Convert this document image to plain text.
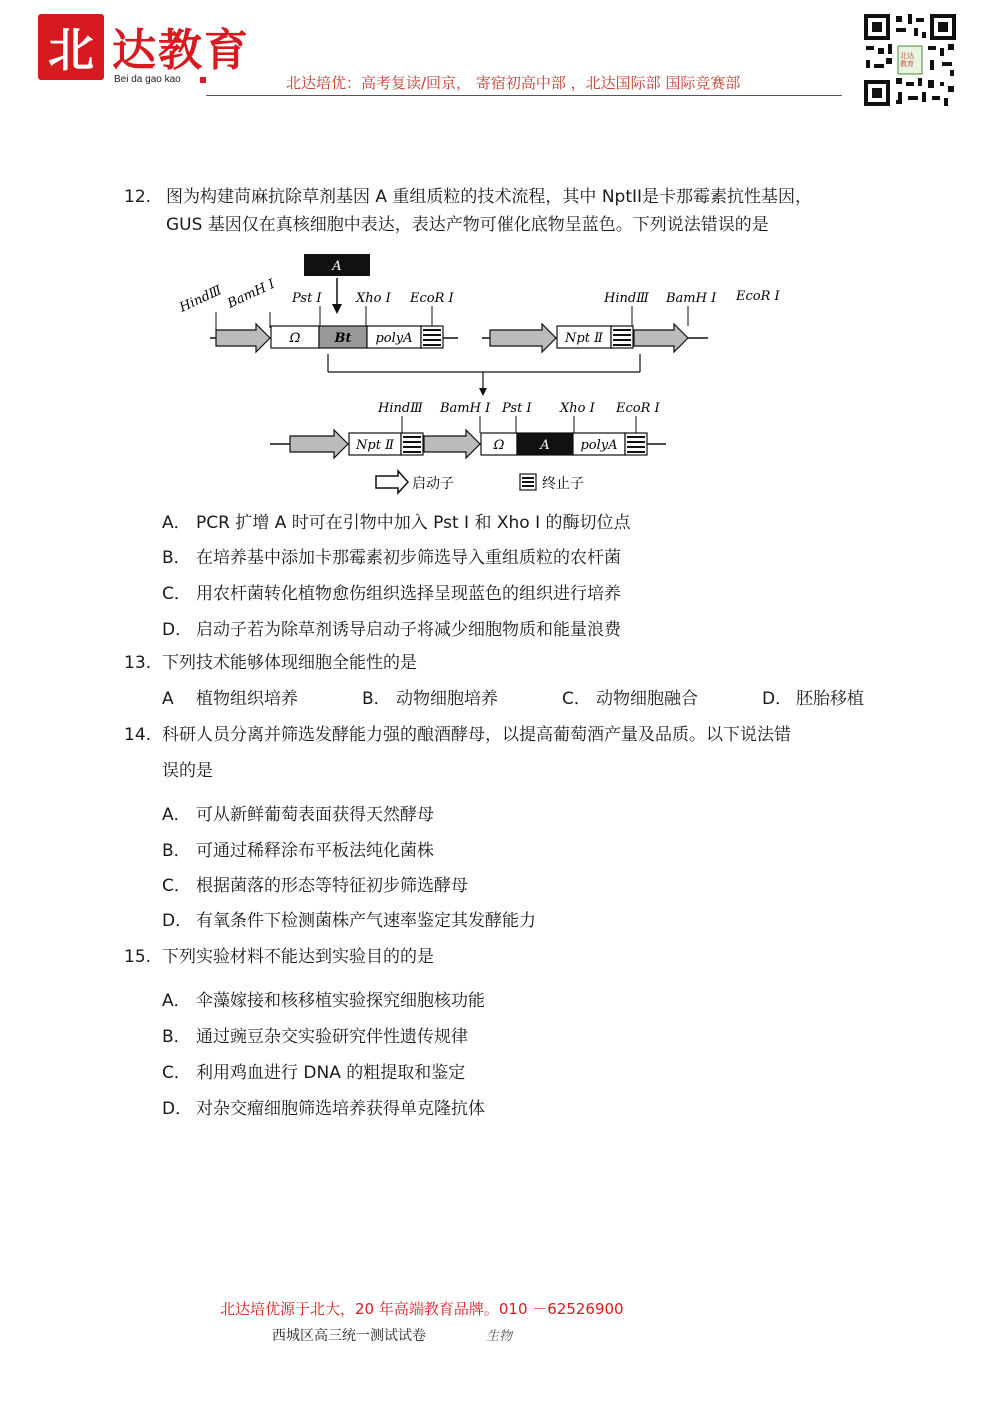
北 达教育
Bei da gao kao	北达培优：高考复读/回京， 寄宿初高中部 ，北达国际部 国际竞赛部
北达教育
12. 图为构建苘麻抗除草剂基因 A 重组质粒的技术流程，其中 NptII是卡那霉素抗性基因，
GUS 基因仅在真核细胞中表达，表达产物可催化底物呈蓝色。下列说法错误的是
A
HindⅢ BamH Ⅰ Pst Ⅰ	Xho Ⅰ EcoR Ⅰ
Ω	Bt polyA
HindⅢ BamH Ⅰ EcoR Ⅰ
Npt Ⅱ
HindⅢ BamH Ⅰ Pst Ⅰ Xho Ⅰ EcoR Ⅰ
Npt Ⅱ	Ω	A polyA
启动子	终止子
A． PCR 扩增 A 时可在引物中加入 Pst Ⅰ 和 Xho Ⅰ 的酶切位点
B． 在培养基中添加卡那霉素初步筛选导入重组质粒的农杆菌
C． 用农杆菌转化植物愈伤组织选择呈现蓝色的组织进行培养
D． 启动子若为除草剂诱导启动子将减少细胞物质和能量浪费
13. 下列技术能够体现细胞全能性的是
A 植物组织培养	B． 动物细胞培养	C． 动物细胞融合	D． 胚胎移植
14. 科研人员分离并筛选发酵能力强的酿酒酵母，以提高葡萄酒产量及品质。以下说法错
误的是
A． 可从新鲜葡萄表面获得天然酵母
B． 可通过稀释涂布平板法纯化菌株
C． 根据菌落的形态等特征初步筛选酵母
D． 有氧条件下检测菌株产气速率鉴定其发酵能力
15. 下列实验材料不能达到实验目的的是
A． 伞藻嫁接和核移植实验探究细胞核功能
B． 通过豌豆杂交实验研究伴性遗传规律
C． 利用鸡血进行 DNA 的粗提取和鉴定
D． 对杂交瘤细胞筛选培养获得单克隆抗体
北达培优源于北大，20 年高端教育品牌。010 －62526900
西城区高三统一测试试卷	生物
